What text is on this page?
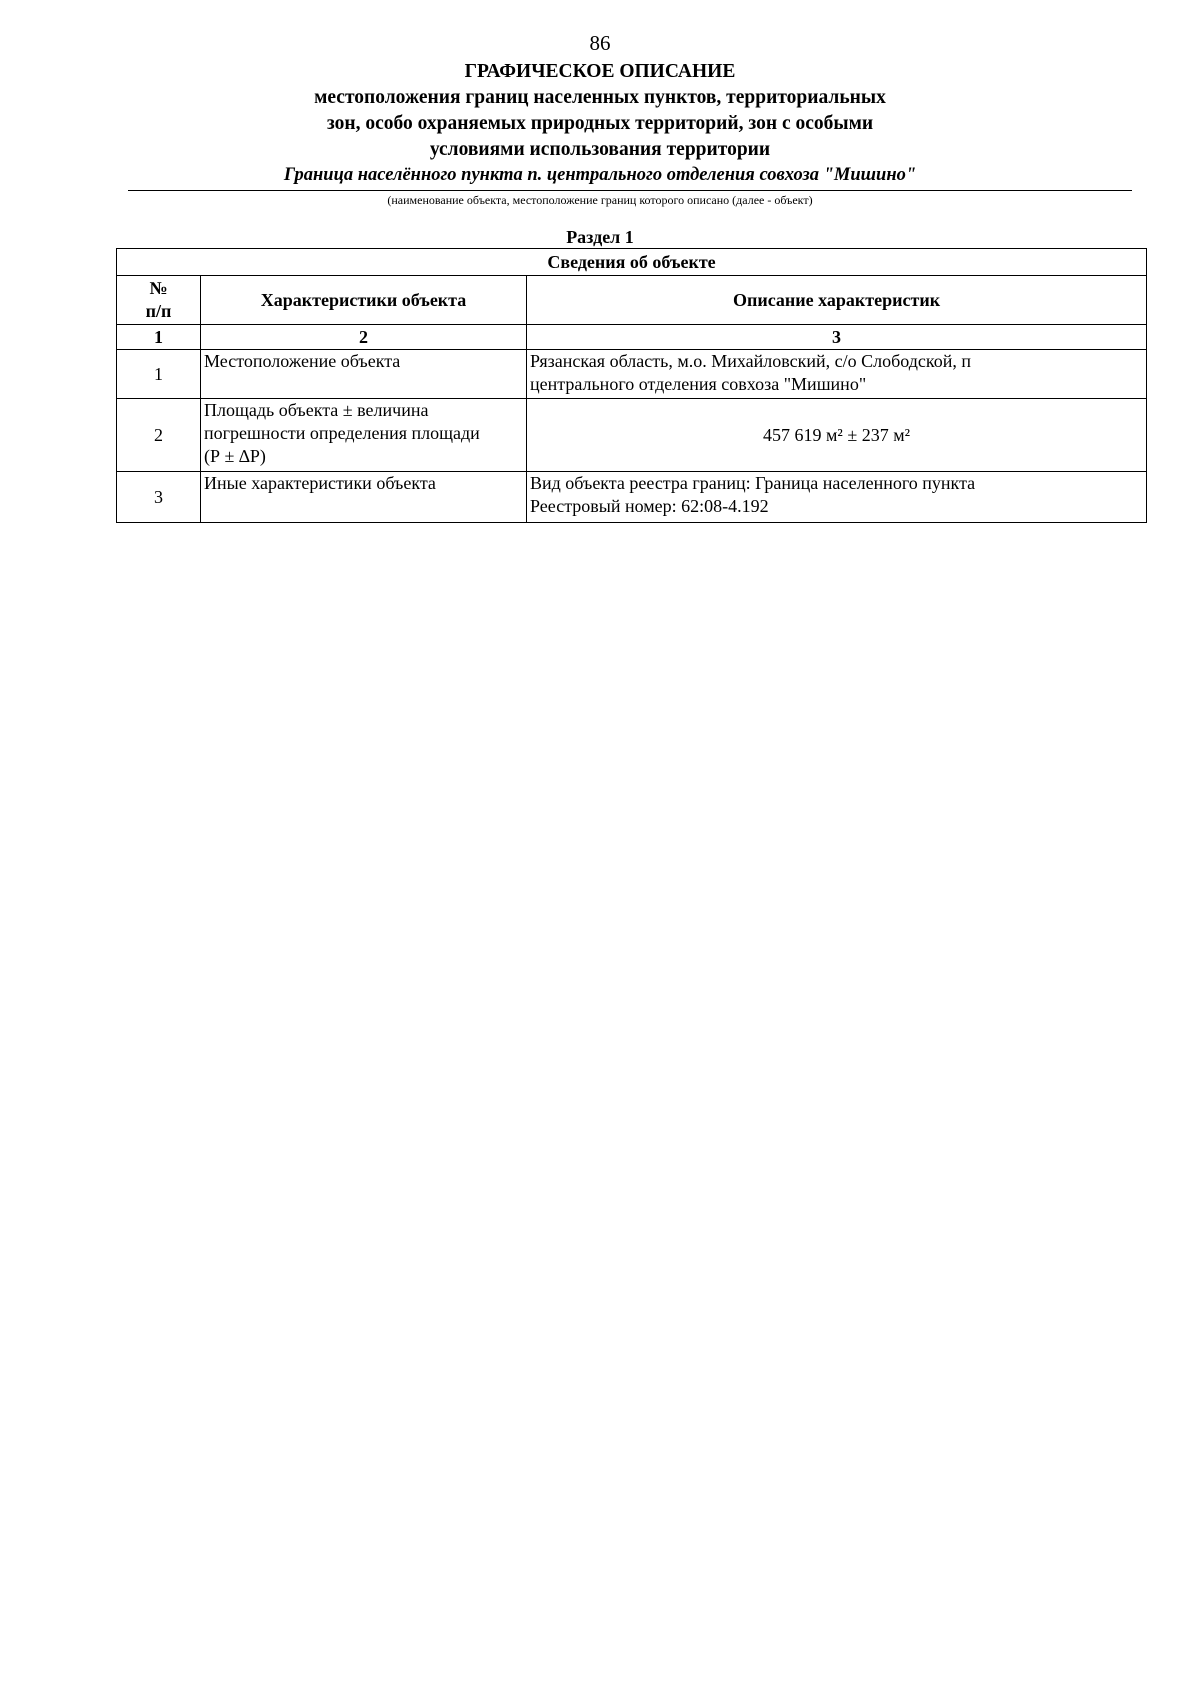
86
ГРАФИЧЕСКОЕ ОПИСАНИЕ
местоположения границ населенных пунктов, территориальных
зон, особо охраняемых природных территорий, зон с особыми
условиями использования территории
Граница населённого пункта п. центрального отделения совхоза "Мишино"
(наименование объекта, местоположение границ которого описано (далее - объект)
Раздел 1
Сведения об объекте		

№
п/п	Характеристики объекта	Описание характеристик
1	2	3
1	Местоположение объекта	Рязанская область, м.о. Михайловский, с/о Слободской, п
центрального отделения совхоза "Мишино"

2	Площадь объекта ± величина
погрешности определения площади
(Р ± ∆Р)	457 619 м² ± 237 м²
3	Иные характеристики объекта	Вид объекта реестра границ: Граница населенного пункта
Реестровый номер: 62:08-4.192
